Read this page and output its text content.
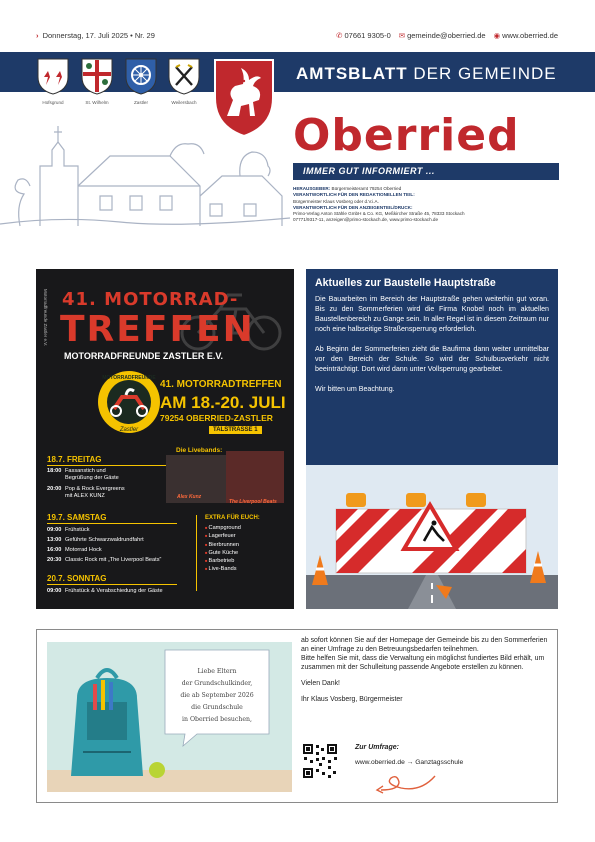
› Donnerstag, 17. Juli 2025 • Nr. 29	✆ 07661 9305-0 ✉ gemeinde@oberried.de ◉ www.oberried.de
AMTSBLATT DER GEMEINDE
Hofsgrund	St. Wilhelm	Zastler	Weilersbach
Oberried
IMMER GUT INFORMIERT ...
HERAUSGEBER: Bürgermeisteramt 79254 Oberried
VERANTWORTLICH FÜR DEN REDAKTIONELLEN TEIL:
Bürgermeister Klaus Vosberg oder d.V.i.A.
VERANTWORTLICH FÜR DEN ANZEIGENTEIL/DRUCK:
Primo-Verlag Anton Stähle GmbH & Co. KG, Meßkircher Straße 45, 78333 Stockach
07771/9317-11, anzeigen@primo-stockach.de, www.primo-stockach.de
Motorradfreunde Zastler e.V. 41. MOTORRAD-
TREFFEN
MOTORRADFREUNDE ZASTLER E.V.
MOTORRADFREUNDE
Zastler
41. MOTORRADTREFFEN
AM 18.-20. JULI
79254 OBERRIED-ZASTLER
TALSTRASSE 1
18.7. FREITAG
18:00 Fassanstich und
Begrüßung der Gäste
20:00 Pop & Rock Evergreens
mit ALEX KUNZ
Die Livebands:
Alex Kunz
The Liverpool Beats
19.7. SAMSTAG
09:00 Frühstück
13:00 Geführte Schwarzwaldrundfahrt
16:00 Motorrad Hock
20:30 Classic Rock mit „The Liverpool Beats“
EXTRA FÜR EUCH:
■ Campground
■ Lagerfeuer
■ Bierbrunnen
■ Gute Küche
■ Barbetrieb
■ Live-Bands
20.7. SONNTAG
09:00 Frühstück & Verabschiedung der Gäste
Aktuelles zur Baustelle Hauptstraße

Die Bauarbeiten im Bereich der Hauptstraße gehen weiterhin gut voran. Bis zu den Sommerferien wird die Firma Knobel noch im aktuellen Baustellenbereich zu Gange sein. In aller Regel ist in diesem Zeitraum nur noch eine halbseitige Straßensperrung erforderlich.

Ab Beginn der Sommerferien zieht die Baufirma dann weiter unmittelbar vor den Bereich der Schule. So wird der Schulbusverkehr nicht beeinträchtigt. Dort wird dann unter Vollsperrung gearbeitet.

Wir bitten um Beachtung.

Liebe Eltern
der Grundschulkinder,
die ab September 2026
die Grundschule
in Oberried besuchen,

ab sofort können Sie auf der Homepage der Gemeinde bis zu den Sommerferien an einer Umfrage zu den Betreuungsbedarfen teilnehmen.
Bitte helfen Sie mit, dass die Verwaltung ein möglichst fundiertes Bild erhält, um zusammen mit der Schulleitung passende Angebote erstellen zu können.

Vielen Dank!

Ihr Klaus Vosberg, Bürgermeister

Zur Umfrage:
www.oberried.de → Ganztagsschule
